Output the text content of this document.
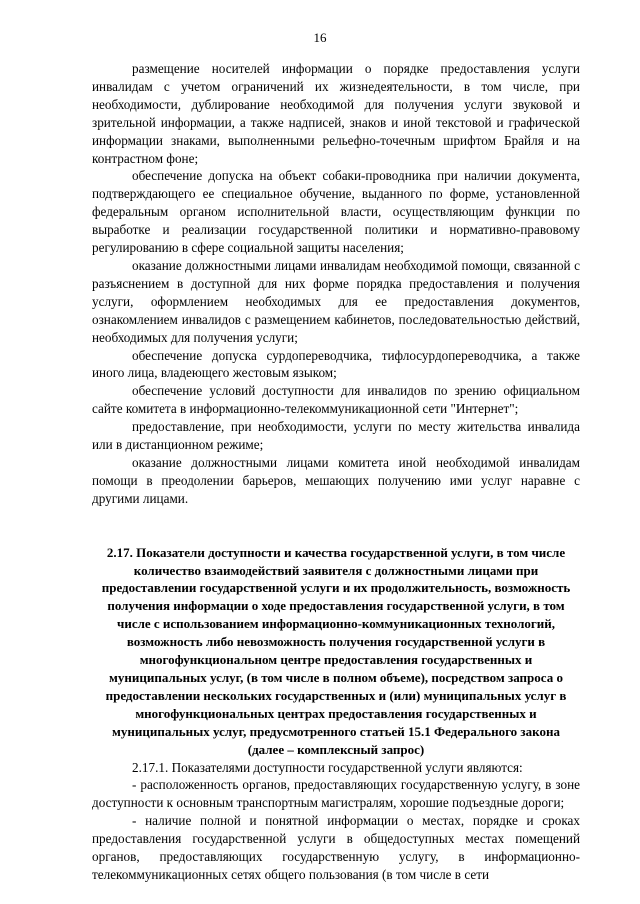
16

размещение носителей информации о порядке предоставления услуги инвалидам с учетом ограничений их жизнедеятельности, в том числе, при необходимости, дублирование необходимой для получения услуги звуковой и зрительной информации, а также надписей, знаков и иной текстовой и графической информации знаками, выполненными рельефно-точечным шрифтом Брайля и на контрастном фоне;

обеспечение допуска на объект собаки-проводника при наличии документа, подтверждающего ее специальное обучение, выданного по форме, установленной федеральным органом исполнительной власти, осуществляющим функции по выработке и реализации государственной политики и нормативно-правовому регулированию в сфере социальной защиты населения;

оказание должностными лицами инвалидам необходимой помощи, связанной с разъяснением в доступной для них форме порядка предоставления и получения услуги, оформлением необходимых для ее предоставления документов, ознакомлением инвалидов с размещением кабинетов, последовательностью действий, необходимых для получения услуги;

обеспечение допуска сурдопереводчика, тифлосурдопереводчика, а также иного лица, владеющего жестовым языком;

обеспечение условий доступности для инвалидов по зрению официальном сайте комитета в информационно-телекоммуникационной сети "Интернет";

предоставление, при необходимости, услуги по месту жительства инвалида или в дистанционном режиме;

оказание должностными лицами комитета иной необходимой инвалидам помощи в преодолении барьеров, мешающих получению ими услуг наравне с другими лицами.

2.17. Показатели доступности и качества государственной услуги, в том числе количество взаимодействий заявителя с должностными лицами при предоставлении государственной услуги и их продолжительность, возможность получения информации о ходе предоставления государственной услуги, в том числе с использованием информационно-коммуникационных технологий, возможность либо невозможность получения государственной услуги в многофункциональном центре предоставления государственных и муниципальных услуг, (в том числе в полном объеме), посредством запроса о предоставлении нескольких государственных и (или) муниципальных услуг в многофункциональных центрах предоставления государственных и муниципальных услуг, предусмотренного статьей 15.1 Федерального закона (далее – комплексный запрос)

2.17.1. Показателями доступности государственной услуги являются:

- расположенность органов, предоставляющих государственную услугу, в зоне доступности к основным транспортным магистралям, хорошие подъездные дороги;

- наличие полной и понятной информации о местах, порядке и сроках предоставления государственной услуги в общедоступных местах помещений органов, предоставляющих государственную услугу, в информационно-телекоммуникационных сетях общего пользования (в том числе в сети
